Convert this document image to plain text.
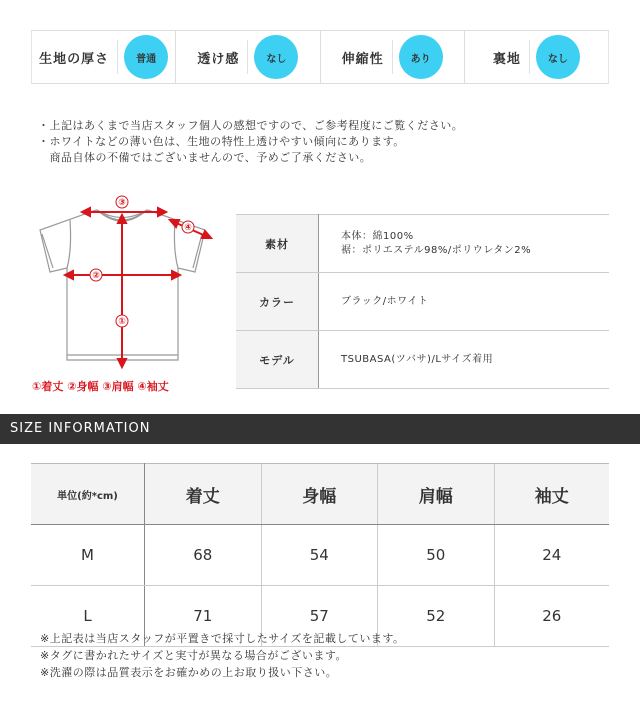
生地の厚さ	普通	透け感	なし	伸縮性	あり	裏地	なし
・上記はあくまで当店スタッフ個人の感想ですので、ご参考程度にご覧ください。
・ホワイトなどの薄い色は、生地の特性上透けやすい傾向にあります。
　商品自体の不備ではございませんので、予めご了承ください。
③
④
②
①
①着丈 ②身幅 ③肩幅 ④袖丈
素材	本体：綿100%
裾：ポリエステル98%/ポリウレタン2%

カラー	ブラック/ホワイト
モデル	TSUBASA(ツバサ)/Lサイズ着用
SIZE INFORMATION
単位(約*cm)	着丈	身幅	肩幅	袖丈
M	68	54	50	24
L	71	57	52	26
※上記表は当店スタッフが平置きで採寸したサイズを記載しています。
※タグに書かれたサイズと実寸が異なる場合がございます。
※洗濯の際は品質表示をお確かめの上お取り扱い下さい。
